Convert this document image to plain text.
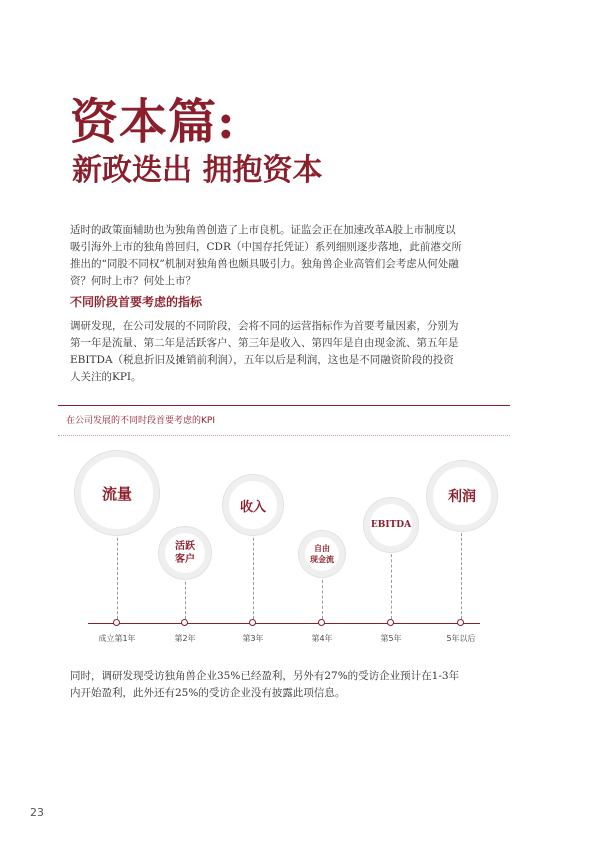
资本篇:
新政迭出 拥抱资本

适时的政策面辅助也为独角兽创造了上市良机。证监会正在加速改革A股上市制度以吸引海外上市的独角兽回归，CDR（中国存托凭证）系列细则逐步落地，此前港交所推出的“同股不同权”机制对独角兽也颇具吸引力。独角兽企业高管们会考虑从何处融资？何时上市？何处上市？

不同阶段首要考虑的指标

调研发现，在公司发展的不同阶段，会将不同的运营指标作为首要考量因素，分别为第一年是流量、第二年是活跃客户、第三年是收入、第四年是自由现金流、第五年是EBITDA（税息折旧及摊销前利润），五年以后是利润，这也是不同融资阶段的投资人关注的KPI。

在公司发展的不同时段首要考虑的KPI

流量
活跃
客户
收入
自由
现金流
EBITDA
利润
成立第1年	第2年	第3年	第4年	第5年	5年以后

同时，调研发现受访独角兽企业35%已经盈利，另外有27%的受访企业预计在1-3年内开始盈利，此外还有25%的受访企业没有披露此项信息。

23
